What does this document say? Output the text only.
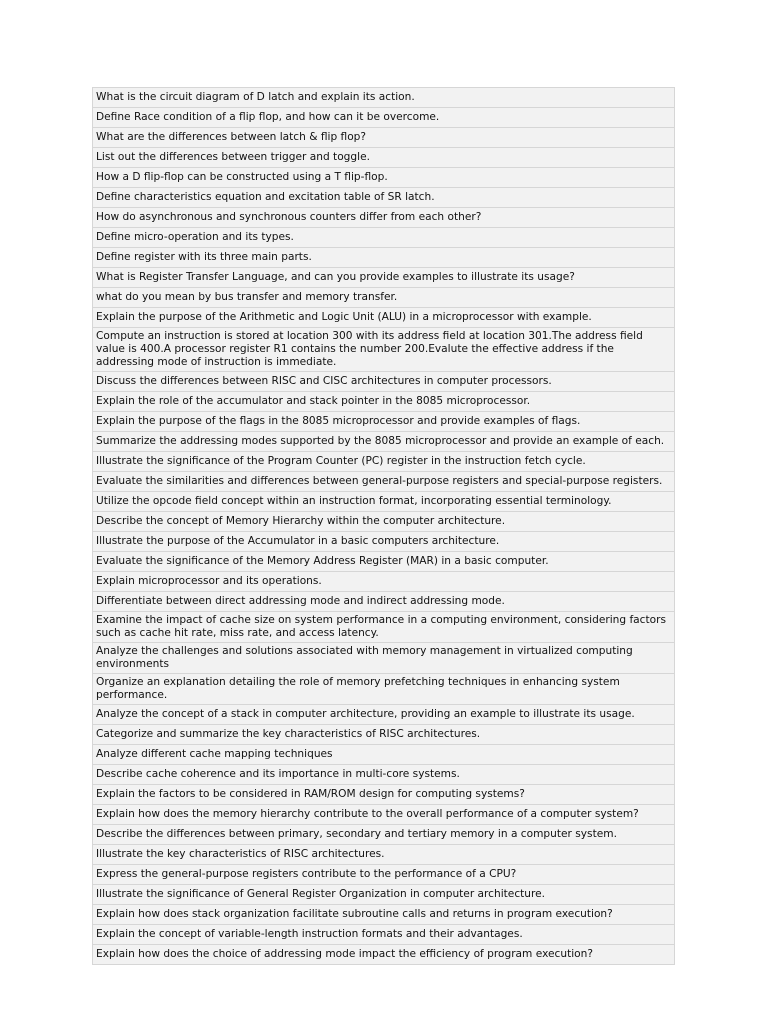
What is the circuit diagram of D latch and explain its action.
Define Race condition of a flip flop, and how can it be overcome.
What are the differences between latch & flip flop?
List out the differences between trigger and toggle.
How a D flip-flop can be constructed using a T flip-flop.
Define characteristics equation and excitation table of SR latch.
How do asynchronous and synchronous counters differ from each other?
Define micro-operation and its types.
Define register with its three main parts.
What is Register Transfer Language, and can you provide examples to illustrate its usage?
what do you mean by bus transfer and memory transfer.
Explain the purpose of the Arithmetic and Logic Unit (ALU) in a microprocessor with example.
Compute an instruction is stored at location 300 with its address field at location 301.The address field value is 400.A processor register R1 contains the number 200.Evalute the effective address if the addressing mode of instruction is immediate.
Discuss the differences between RISC and CISC architectures in computer processors.
Explain the role of the accumulator and stack pointer in the 8085 microprocessor.
Explain the purpose of the flags in the 8085 microprocessor and provide examples of flags.
Summarize the addressing modes supported by the 8085 microprocessor and provide an example of each.
Illustrate the significance of the Program Counter (PC) register in the instruction fetch cycle.
Evaluate the similarities and differences between general-purpose registers and special-purpose registers.
Utilize the opcode field concept within an instruction format, incorporating essential terminology.
Describe the concept of Memory Hierarchy within the computer architecture.
Illustrate the purpose of the Accumulator in a basic computers architecture.
Evaluate the significance of the Memory Address Register (MAR) in a basic computer.
Explain microprocessor and its operations.
Differentiate between direct addressing mode and indirect addressing mode.
Examine the impact of cache size on system performance in a computing environment, considering factors such as cache hit rate, miss rate, and access latency.
Analyze the challenges and solutions associated with memory management in virtualized computing environments
Organize an explanation detailing the role of memory prefetching techniques in enhancing system performance.
Analyze the concept of a stack in computer architecture, providing an example to illustrate its usage.
Categorize and summarize the key characteristics of RISC architectures.
Analyze different cache mapping techniques
Describe cache coherence and its importance in multi-core systems.
Explain the factors to be considered in RAM/ROM design for computing systems?
Explain how does the memory hierarchy contribute to the overall performance of a computer system?
Describe the differences between primary, secondary and tertiary memory in a computer system.
Illustrate the key characteristics of RISC architectures.
Express the general-purpose registers contribute to the performance of a CPU?
Illustrate the significance of General Register Organization in computer architecture.
Explain how does stack organization facilitate subroutine calls and returns in program execution?
Explain the concept of variable-length instruction formats and their advantages.
Explain how does the choice of addressing mode impact the efficiency of program execution?
